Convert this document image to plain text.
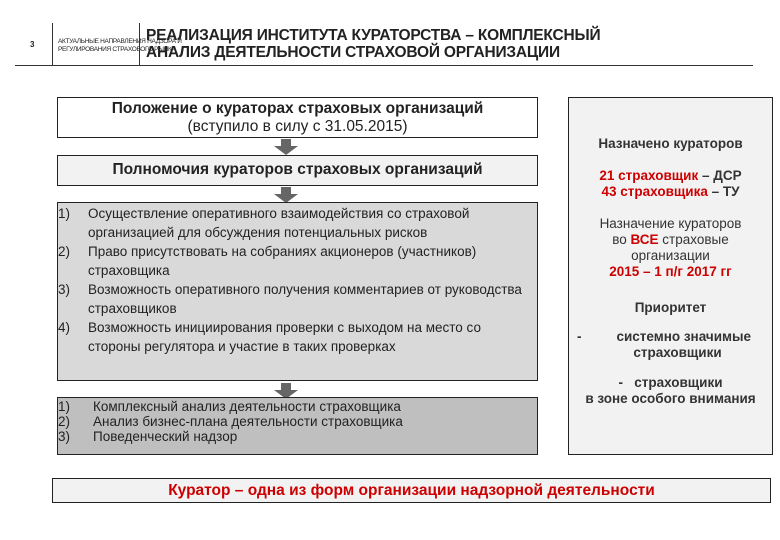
3	АКТУАЛЬНЫЕ НАПРАВЛЕНИЯ НАДЗОРА И
РЕГУЛИРОВАНИЯ СТРАХОВОГО РЫНКА
РЕАЛИЗАЦИЯ ИНСТИТУТА КУРАТОРСТВА – КОМПЛЕКСНЫЙ
АНАЛИЗ ДЕЯТЕЛЬНОСТИ СТРАХОВОЙ ОРГАНИЗАЦИИ
Положение о кураторах страховых организаций
(вступило в силу с 31.05.2015)
Полномочия кураторов страховых организаций
1)	Осуществление оперативного взаимодействия со страховой организацией для обсуждения потенциальных рисков
2)	Право присутствовать на собраниях акционеров (участников) страховщика
3)	Возможность оперативного получения комментариев от руководства страховщиков
4)	Возможность инициирования проверки с выходом на место со стороны регулятора и участие в таких проверках
1)	Комплексный анализ деятельности страховщика
2)	Анализ бизнес-плана деятельности страховщика
3)	Поведенческий надзор
Назначено кураторов
21 страховщик – ДСР
43 страховщика – ТУ
Назначение кураторов
во ВСЕ страховые
организации
2015 – 1 п/г 2017 гг
Приоритет
-	системно значимые
страховщики
- страховщики
в зоне особого внимания
Куратор – одна из форм организации надзорной деятельности
